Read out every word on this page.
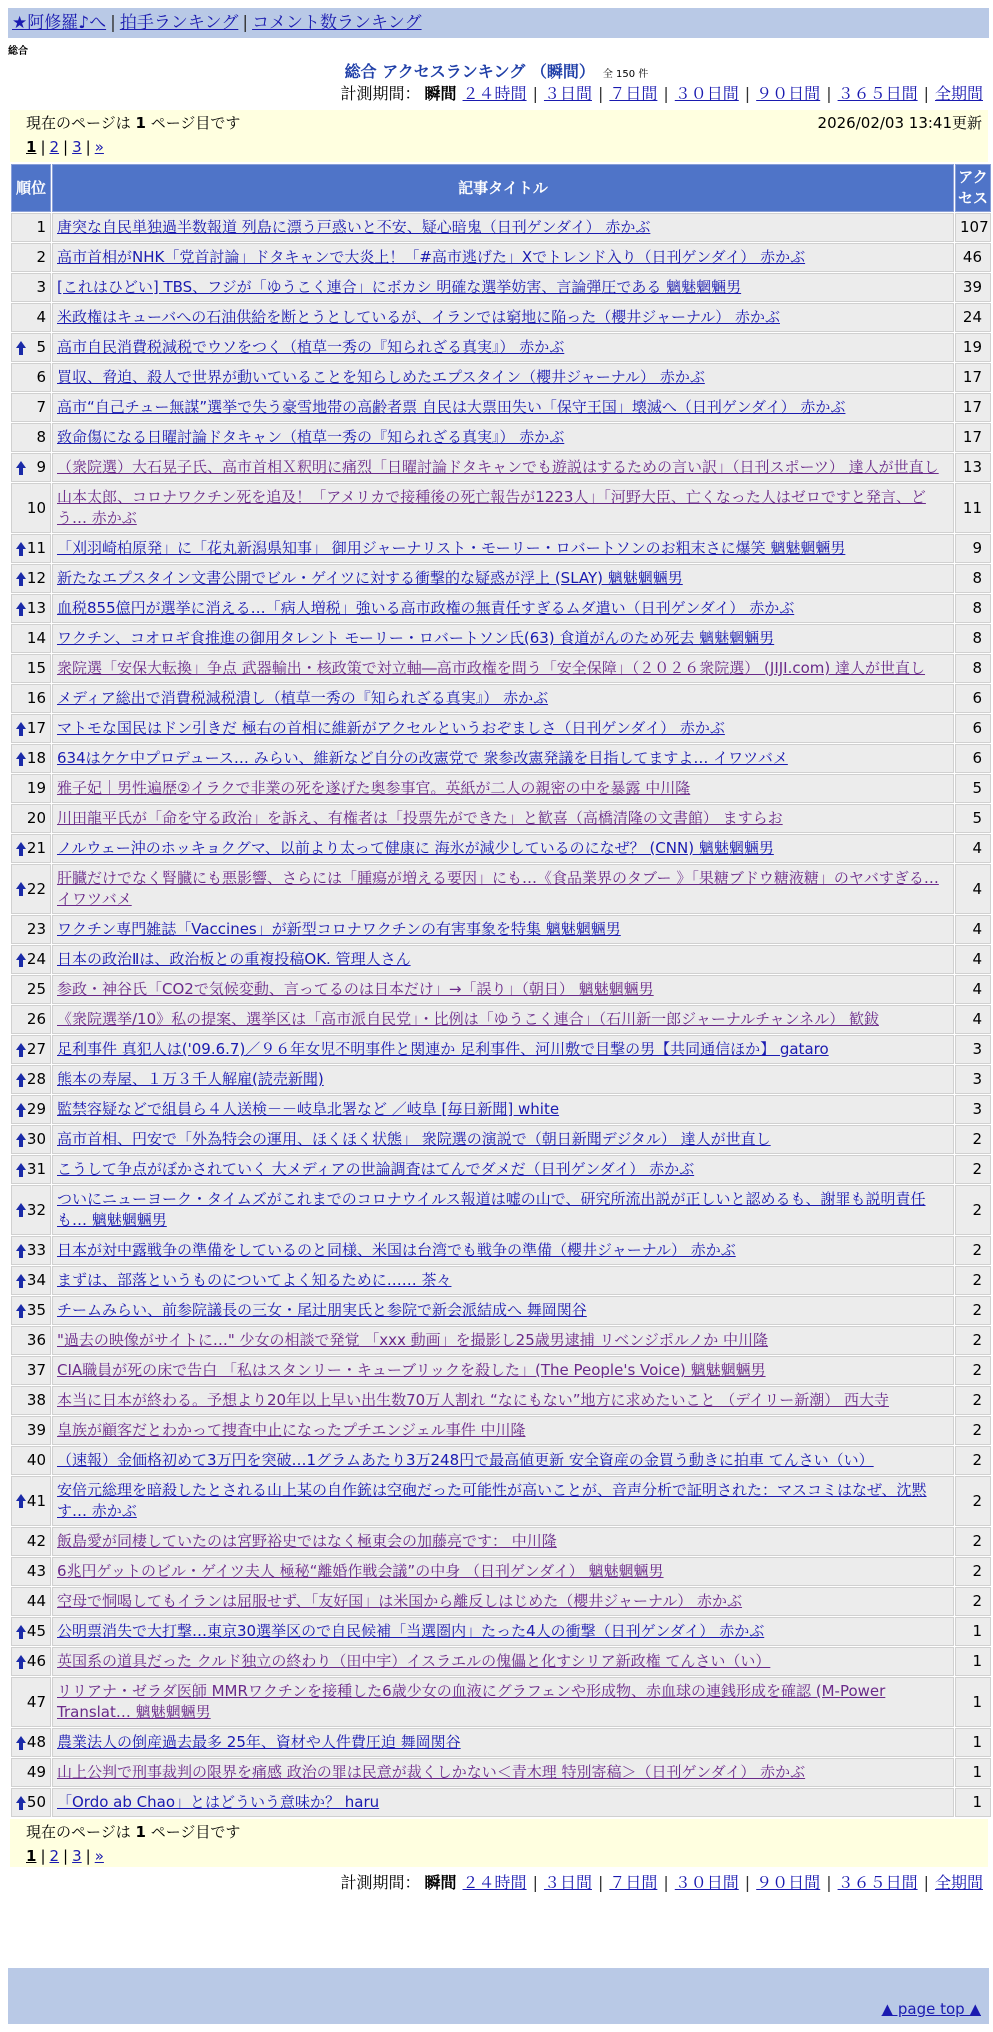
★阿修羅♪へ | 拍手ランキング | コメント数ランキング
総合
総合 アクセスランキング （瞬間） 全 150 件
計測期間： 瞬間 ２４時間 | ３日間 | ７日間 | ３０日間 | ９０日間 | ３６５日間 | 全期間
現在のページは 1 ページ目です	2026/02/03 13:41更新
1 | 2 | 3 | »
順位	記事タイトル	アクセス
1	唐突な自民単独過半数報道 列島に漂う戸惑いと不安、疑心暗鬼（日刊ゲンダイ） 赤かぶ	107
2	高市首相がNHK「党首討論」ドタキャンで大炎上！「#高市逃げた」Xでトレンド入り（日刊ゲンダイ） 赤かぶ	46
3	[これはひどい] TBS、フジが「ゆうこく連合」にボカシ 明確な選挙妨害、言論弾圧である 魑魅魍魎男	39
4	米政権はキューバへの石油供給を断とうとしているが、イランでは窮地に陥った（櫻井ジャーナル） 赤かぶ	24

5	高市自民消費税減税でウソをつく（植草一秀の『知られざる真実』） 赤かぶ	19
6	買収、脅迫、殺人で世界が動いていることを知らしめたエプスタイン（櫻井ジャーナル） 赤かぶ	17
7	高市“自己チュー無謀”選挙で失う豪雪地帯の高齢者票 自民は大票田失い「保守王国」壊滅へ（日刊ゲンダイ） 赤かぶ	17
8	致命傷になる日曜討論ドタキャン（植草一秀の『知られざる真実』） 赤かぶ	17

9	（衆院選）大石晃子氏、高市首相Ｘ釈明に痛烈「日曜討論ドタキャンでも遊説はするための言い訳」（日刊スポーツ） 達人が世直し	13
10	山本太郎、コロナワクチン死を追及！「アメリカで接種後の死亡報告が1223人」「河野大臣、亡くなった人はゼロですと発言、どう… 赤かぶ	11

11	「刈羽崎柏原発」に「花丸新潟県知事」 御用ジャーナリスト・モーリー・ロバートソンのお粗末さに爆笑 魑魅魍魎男	9

12	新たなエプスタイン文書公開でビル・ゲイツに対する衝撃的な疑惑が浮上 (SLAY) 魑魅魍魎男	8

13	血税855億円が選挙に消える…「病人増税」強いる高市政権の無責任すぎるムダ遣い（日刊ゲンダイ） 赤かぶ	8
14	ワクチン、コオロギ食推進の御用タレント モーリー・ロバートソン氏(63) 食道がんのため死去 魑魅魍魎男	8
15	衆院選「安保大転換」争点 武器輸出・核政策で対立軸―高市政権を問う「安全保障」（２０２６衆院選） (JIJI.com) 達人が世直し	8
16	メディア総出で消費税減税潰し（植草一秀の『知られざる真実』） 赤かぶ	6

17	マトモな国民はドン引きだ 極右の首相に維新がアクセルというおぞましさ（日刊ゲンダイ） 赤かぶ	6

18	634はケケ中プロデュース… みらい、維新など自分の改憲党で 衆参改憲発議を目指してますよ… イワツバメ	6
19	雅子妃｜男性遍歴②イラクで非業の死を遂げた奥参事官。英紙が二人の親密の中を暴露 中川隆	5
20	川田龍平氏が「命を守る政治」を訴え、有権者は「投票先ができた」と歓喜（高橋清隆の文書館） ますらお	5

21	ノルウェー沖のホッキョクグマ、以前より太って健康に 海氷が減少しているのになぜ？ (CNN) 魑魅魍魎男	4

22	肝臓だけでなく腎臓にも悪影響、さらには「腫瘍が増える要因」にも…《食品業界のタブー 》「果糖ブドウ糖液糖」のヤバすぎる… イワツバメ	4
23	ワクチン専門雑誌「Vaccines」が新型コロナワクチンの有害事象を特集 魑魅魍魎男	4

24	日本の政治Ⅱは、政治板との重複投稿OK. 管理人さん	4
25	参政・神谷氏「CO2で気候変動、言ってるのは日本だけ」→「誤り」（朝日） 魑魅魍魎男	4
26	《衆院選挙/10》私の提案、選挙区は「高市派自民党」・比例は「ゆうこく連合」（石川新一郎ジャーナルチャンネル） 歓鈸	4

27	足利事件 真犯人は('09.6.7)／９６年女児不明事件と関連か 足利事件、河川敷で目撃の男【共同通信ほか】 gataro	3

28	熊本の寿屋、１万３千人解雇(読売新聞)	3

29	監禁容疑などで組員ら４人送検－－岐阜北署など ／岐阜 [毎日新聞] white	3

30	高市首相、円安で「外為特会の運用、ほくほく状態」 衆院選の演説で（朝日新聞デジタル） 達人が世直し	2

31	こうして争点がぼかされていく 大メディアの世論調査はてんでダメだ（日刊ゲンダイ） 赤かぶ	2

32	ついにニューヨーク・タイムズがこれまでのコロナウイルス報道は嘘の山で、研究所流出説が正しいと認めるも、謝罪も説明責任も… 魑魅魍魎男	2

33	日本が対中露戦争の準備をしているのと同様、米国は台湾でも戦争の準備（櫻井ジャーナル） 赤かぶ	2

34	まずは、部落というものについてよく知るために…… 茶々	2

35	チームみらい、前参院議長の三女・尾辻朋実氏と参院で新会派結成へ 舞岡関谷	2
36	"過去の映像がサイトに…" 少女の相談で発覚 「xxx 動画」を撮影し25歳男逮捕 リベンジポルノか 中川隆	2
37	CIA職員が死の床で告白 「私はスタンリー・キューブリックを殺した」(The People's Voice) 魑魅魍魎男	2
38	本当に日本が終わる。予想より20年以上早い出生数70万人割れ “なにもない”地方に求めたいこと （デイリー新潮） 西大寺	2
39	皇族が顧客だとわかって捜査中止になったプチエンジェル事件 中川隆	2
40	（速報）金価格初めて3万円を突破…1グラムあたり3万248円で最高値更新 安全資産の金買う動きに拍車 てんさい（い）	2

41	安倍元総理を暗殺したとされる山上某の自作銃は空砲だった可能性が高いことが、音声分析で証明された：マスコミはなぜ、沈黙す… 赤かぶ	2
42	飯島愛が同棲していたのは宮野裕史ではなく極東会の加藤亮です： 中川隆	2
43	6兆円ゲットのビル・ゲイツ夫人 極秘“離婚作戦会議”の中身 （日刊ゲンダイ） 魑魅魍魎男	2
44	空母で恫喝してもイランは屈服せず、「友好国」は米国から離反しはじめた（櫻井ジャーナル） 赤かぶ	2

45	公明票消失で大打撃…東京30選挙区ので自民候補「当選圏内」たった4人の衝撃（日刊ゲンダイ） 赤かぶ	1

46	英国系の道具だった クルド独立の終わり（田中宇）イスラエルの傀儡と化すシリア新政権 てんさい（い）	1
47	リリアナ・ゼラダ医師 MMRワクチンを接種した6歳少女の血液にグラフェンや形成物、赤血球の連銭形成を確認 (M-Power Translat… 魑魅魍魎男	1

48	農業法人の倒産過去最多 25年、資材や人件費圧迫 舞岡関谷	1
49	山上公判で刑事裁判の限界を痛感 政治の罪は民意が裁くしかない＜青木理 特別寄稿＞（日刊ゲンダイ） 赤かぶ	1

50	「Ordo ab Chao」とはどういう意味か？ haru	1
現在のページは 1 ページ目です
1 | 2 | 3 | »
計測期間： 瞬間 ２４時間 | ３日間 | ７日間 | ３０日間 | ９０日間 | ３６５日間 | 全期間
▲ page top ▲
